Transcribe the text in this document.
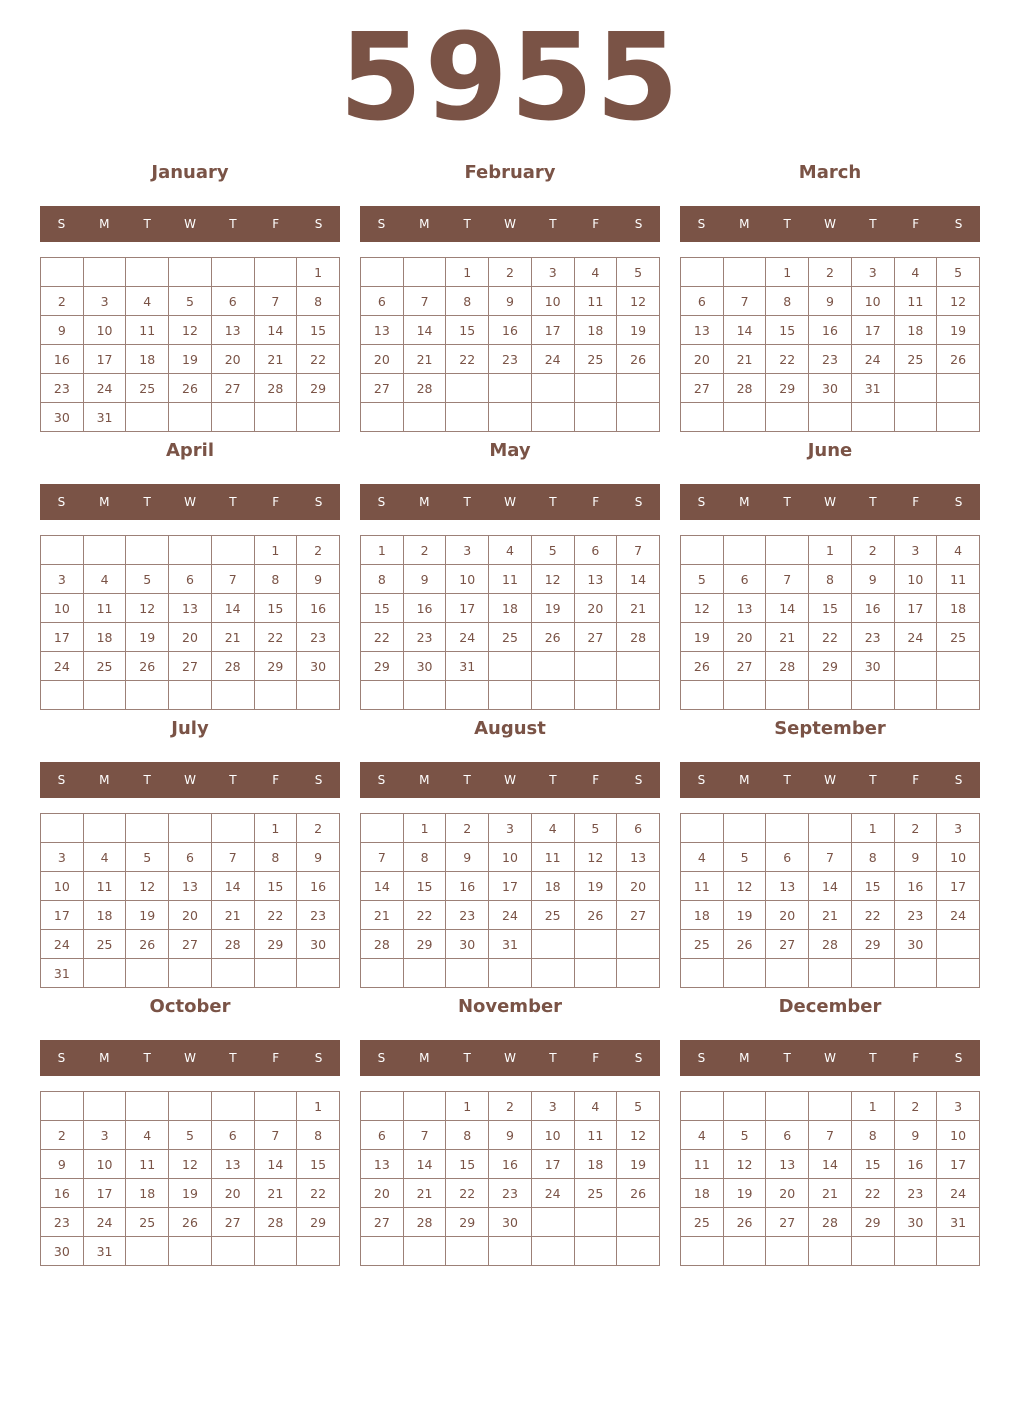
5955
January
S	M	T	W	T	F	S
						1
2	3	4	5	6	7	8
9	10	11	12	13	14	15
16	17	18	19	20	21	22
23	24	25	26	27	28	29
30	31					
February
S	M	T	W	T	F	S
		1	2	3	4	5
6	7	8	9	10	11	12
13	14	15	16	17	18	19
20	21	22	23	24	25	26
27	28					

March
S	M	T	W	T	F	S
		1	2	3	4	5
6	7	8	9	10	11	12
13	14	15	16	17	18	19
20	21	22	23	24	25	26
27	28	29	30	31		

April
S	M	T	W	T	F	S
					1	2
3	4	5	6	7	8	9
10	11	12	13	14	15	16
17	18	19	20	21	22	23
24	25	26	27	28	29	30

May
S	M	T	W	T	F	S
1	2	3	4	5	6	7
8	9	10	11	12	13	14
15	16	17	18	19	20	21
22	23	24	25	26	27	28
29	30	31				

June
S	M	T	W	T	F	S
			1	2	3	4
5	6	7	8	9	10	11
12	13	14	15	16	17	18
19	20	21	22	23	24	25
26	27	28	29	30		

July
S	M	T	W	T	F	S
					1	2
3	4	5	6	7	8	9
10	11	12	13	14	15	16
17	18	19	20	21	22	23
24	25	26	27	28	29	30
31						
August
S	M	T	W	T	F	S
	1	2	3	4	5	6
7	8	9	10	11	12	13
14	15	16	17	18	19	20
21	22	23	24	25	26	27
28	29	30	31			

September
S	M	T	W	T	F	S
				1	2	3
4	5	6	7	8	9	10
11	12	13	14	15	16	17
18	19	20	21	22	23	24
25	26	27	28	29	30	

October
S	M	T	W	T	F	S
						1
2	3	4	5	6	7	8
9	10	11	12	13	14	15
16	17	18	19	20	21	22
23	24	25	26	27	28	29
30	31					
November
S	M	T	W	T	F	S
		1	2	3	4	5
6	7	8	9	10	11	12
13	14	15	16	17	18	19
20	21	22	23	24	25	26
27	28	29	30			

December
S	M	T	W	T	F	S
				1	2	3
4	5	6	7	8	9	10
11	12	13	14	15	16	17
18	19	20	21	22	23	24
25	26	27	28	29	30	31
